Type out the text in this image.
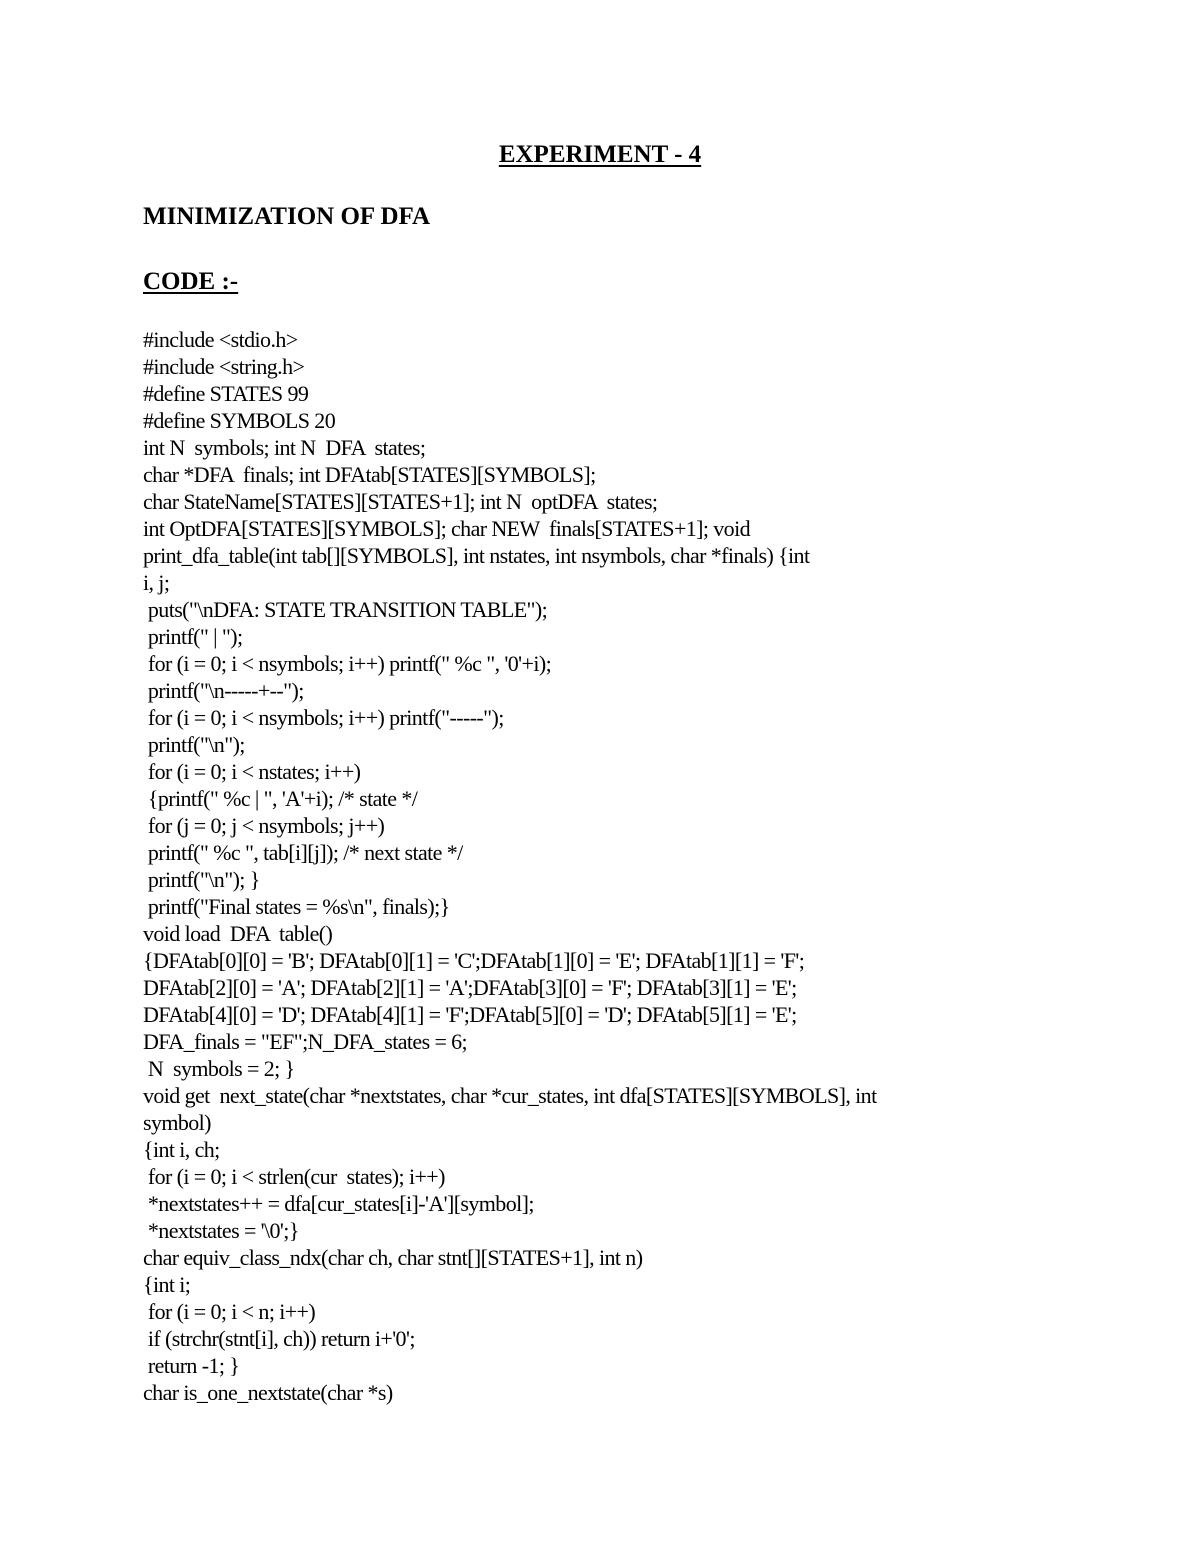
EXPERIMENT - 4
MINIMIZATION OF DFA
CODE :-
#include <stdio.h>
#include <string.h>
#define STATES 99
#define SYMBOLS 20
int N  symbols; int N  DFA  states;
char *DFA  finals; int DFAtab[STATES][SYMBOLS];
char StateName[STATES][STATES+1]; int N  optDFA  states;
int OptDFA[STATES][SYMBOLS]; char NEW  finals[STATES+1]; void
print_dfa_table(int tab[][SYMBOLS], int nstates, int nsymbols, char *finals) {int
i, j;
puts("\nDFA: STATE TRANSITION TABLE");
printf(" | ");
for (i = 0; i < nsymbols; i++) printf(" %c ", '0'+i);
printf("\n-----+--");
for (i = 0; i < nsymbols; i++) printf("-----");
printf("\n");
for (i = 0; i < nstates; i++)
{printf(" %c | ", 'A'+i); /* state */
for (j = 0; j < nsymbols; j++)
printf(" %c ", tab[i][j]); /* next state */
printf("\n"); }
printf("Final states = %s\n", finals);}
void load  DFA  table()
{DFAtab[0][0] = 'B'; DFAtab[0][1] = 'C';DFAtab[1][0] = 'E'; DFAtab[1][1] = 'F';
DFAtab[2][0] = 'A'; DFAtab[2][1] = 'A';DFAtab[3][0] = 'F'; DFAtab[3][1] = 'E';
DFAtab[4][0] = 'D'; DFAtab[4][1] = 'F';DFAtab[5][0] = 'D'; DFAtab[5][1] = 'E';
DFA_finals = "EF";N_DFA_states = 6;
N  symbols = 2; }
void get  next_state(char *nextstates, char *cur_states, int dfa[STATES][SYMBOLS], int
symbol)
{int i, ch;
for (i = 0; i < strlen(cur  states); i++)
*nextstates++ = dfa[cur_states[i]-'A'][symbol];
*nextstates = '\0';}
char equiv_class_ndx(char ch, char stnt[][STATES+1], int n)
{int i;
for (i = 0; i < n; i++)
if (strchr(stnt[i], ch)) return i+'0';
return -1; }
char is_one_nextstate(char *s)
